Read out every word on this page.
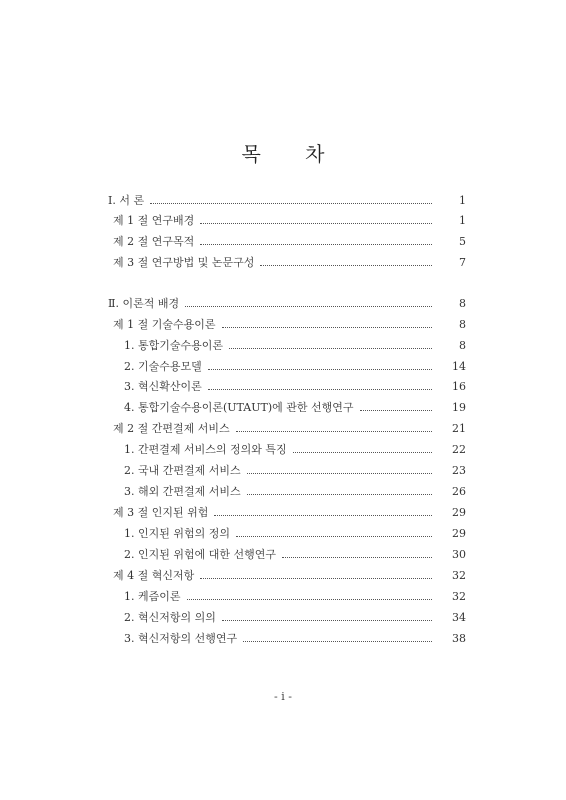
목 차
Ⅰ. 서 론	1
제 1 절 연구배경	1
제 2 절 연구목적	5
제 3 절 연구방법 및 논문구성	7
Ⅱ. 이론적 배경	8
제 1 절 기술수용이론	8
1. 통합기술수용이론	8
2. 기술수용모델	14
3. 혁신확산이론	16
4. 통합기술수용이론(UTAUT)에 관한 선행연구	19
제 2 절 간편결제 서비스	21
1. 간편결제 서비스의 정의와 특징	22
2. 국내 간편결제 서비스	23
3. 해외 간편결제 서비스	26
제 3 절 인지된 위험	29
1. 인지된 위험의 정의	29
2. 인지된 위험에 대한 선행연구	30
제 4 절 혁신저항	32
1. 케즘이론	32
2. 혁신저항의 의의	34
3. 혁신저항의 선행연구	38
- i -
